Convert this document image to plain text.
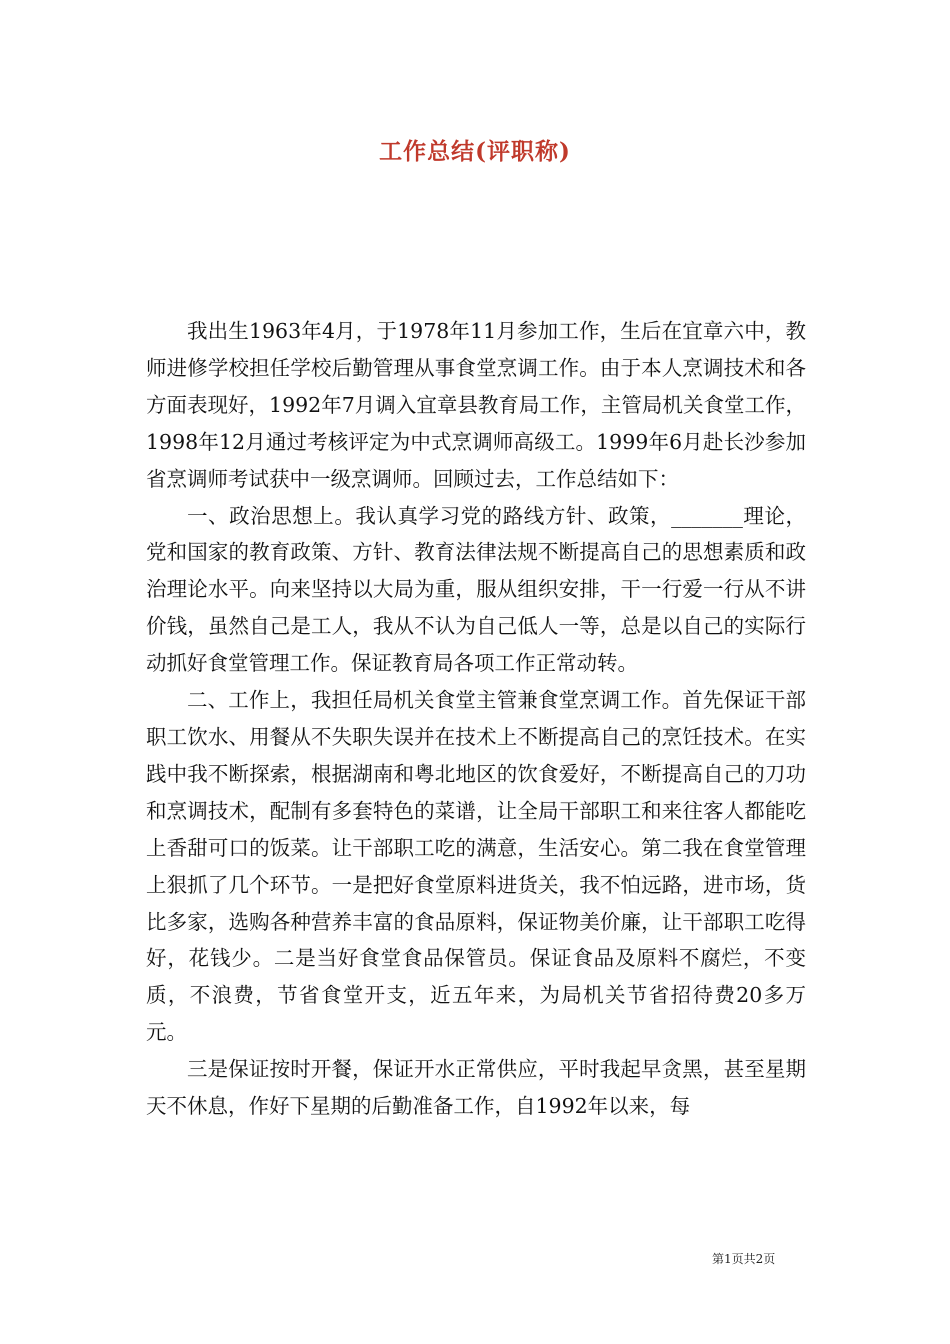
工作总结(评职称)

我出生1963年4月，于1978年11月参加工作，生后在宜章六中，教师进修学校担任学校后勤管理从事食堂烹调工作。由于本人烹调技术和各方面表现好，1992年7月调入宜章县教育局工作，主管局机关食堂工作，1998年12月通过考核评定为中式烹调师高级工。1999年6月赴长沙参加省烹调师考试获中一级烹调师。回顾过去，工作总结如下：

一、政治思想上。我认真学习党的路线方针、政策，_______理论，党和国家的教育政策、方针、教育法律法规不断提高自己的思想素质和政治理论水平。向来坚持以大局为重，服从组织安排，干一行爱一行从不讲价钱，虽然自己是工人，我从不认为自己低人一等，总是以自己的实际行动抓好食堂管理工作。保证教育局各项工作正常动转。

二、工作上，我担任局机关食堂主管兼食堂烹调工作。首先保证干部职工饮水、用餐从不失职失误并在技术上不断提高自己的烹饪技术。在实践中我不断探索，根据湖南和粤北地区的饮食爱好，不断提高自己的刀功和烹调技术，配制有多套特色的菜谱，让全局干部职工和来往客人都能吃上香甜可口的饭菜。让干部职工吃的满意，生活安心。第二我在食堂管理上狠抓了几个环节。一是把好食堂原料进货关，我不怕远路，进市场，货比多家，选购各种营养丰富的食品原料，保证物美价廉，让干部职工吃得好，花钱少。二是当好食堂食品保管员。保证食品及原料不腐烂，不变质，不浪费，节省食堂开支，近五年来，为局机关节省招待费20多万元。

三是保证按时开餐，保证开水正常供应，平时我起早贪黑，甚至星期天不休息，作好下星期的后勤准备工作，自1992年以来，每

第1页共2页
